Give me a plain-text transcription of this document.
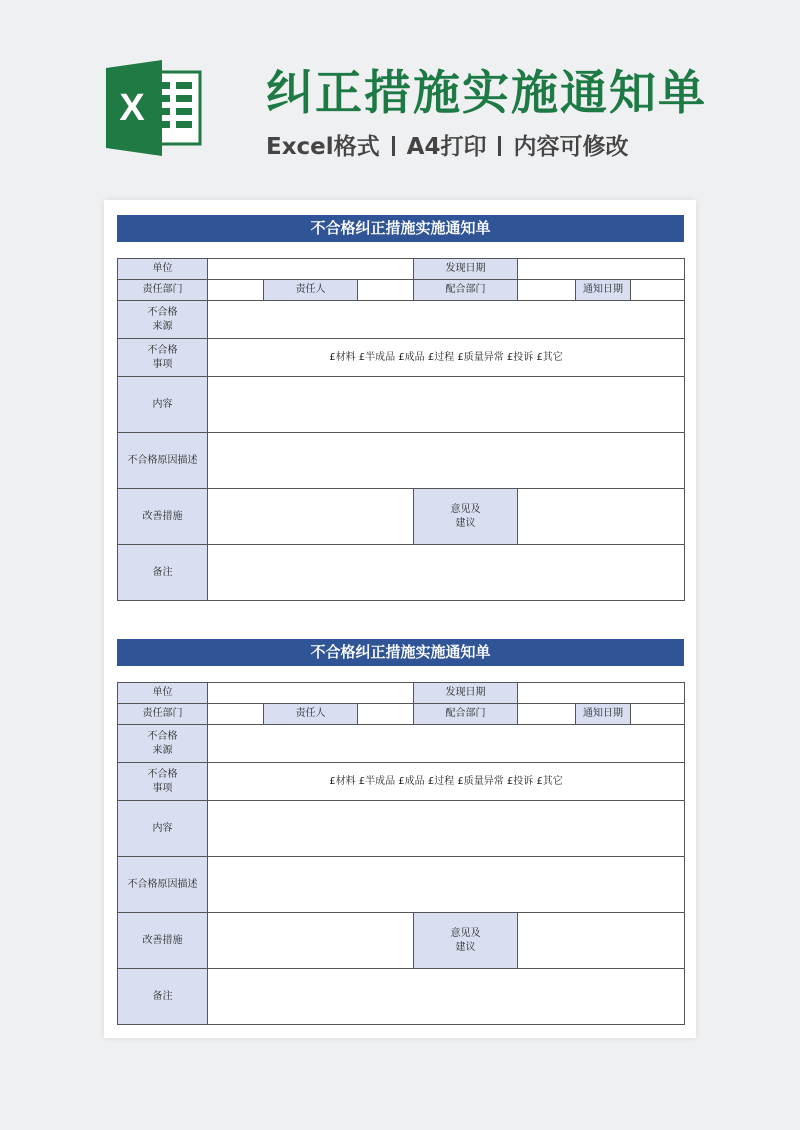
X	纠正措施实施通知单
Excel格式 A4打印 内容可修改
不合格纠正措施实施通知单
单位				发现日期			
责任部门		责任人		配合部门		通知日期	
不合格
来源							
不合格
事项	£材料 £半成品 £成品 £过程 £质量异常 £投诉 £其它						
内容							
不合格原因描述							
改善措施				意见及
建议			
备注							
不合格纠正措施实施通知单
单位				发现日期			
责任部门		责任人		配合部门		通知日期	
不合格
来源							
不合格
事项	£材料 £半成品 £成品 £过程 £质量异常 £投诉 £其它						
内容							
不合格原因描述							
改善措施				意见及
建议			
备注							
